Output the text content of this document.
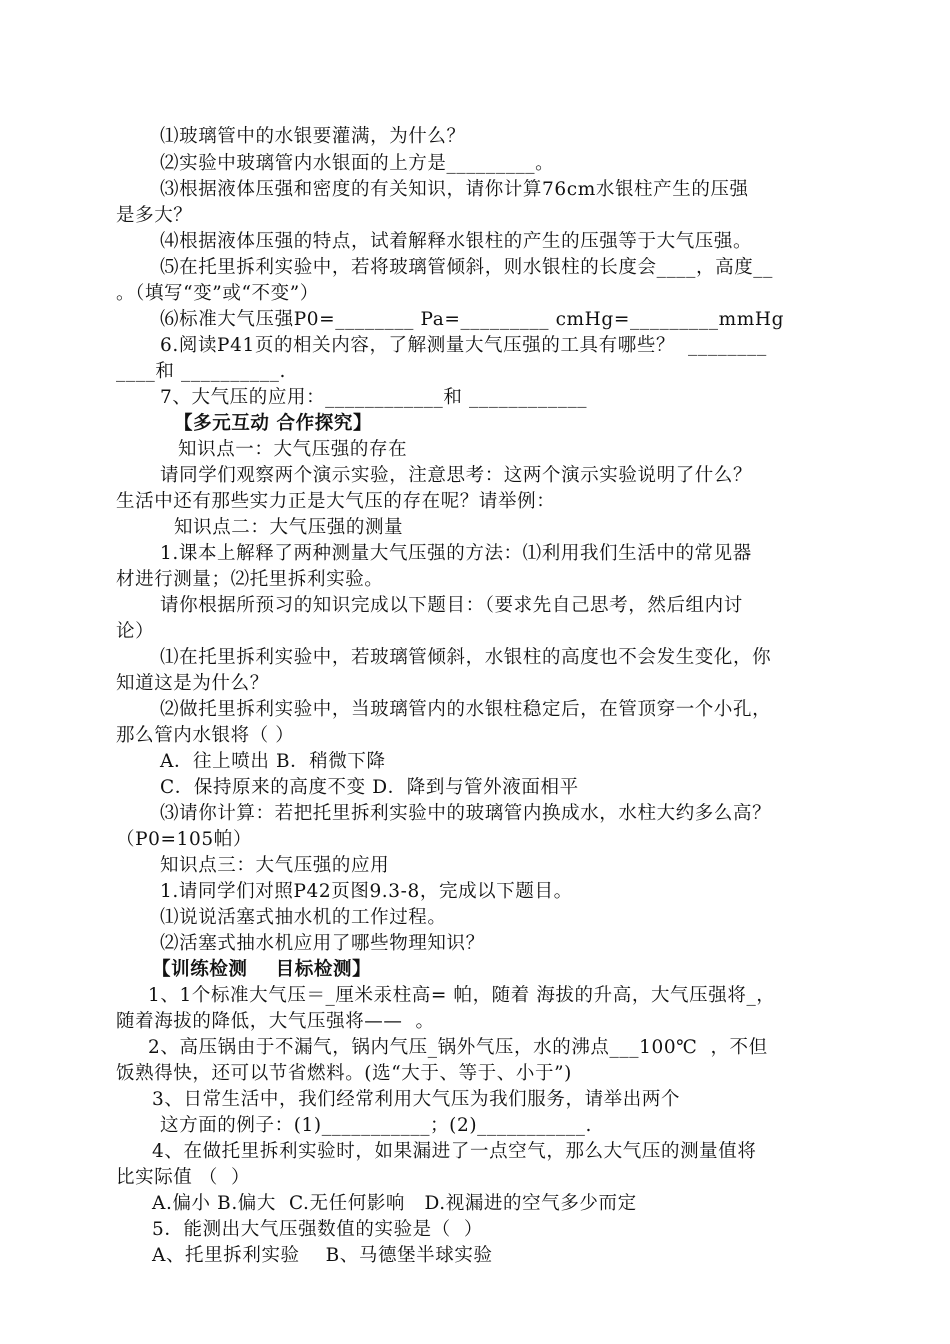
⑴玻璃管中的水银要灌满，为什么？
⑵实验中玻璃管内水银面的上方是_________。
⑶根据液体压强和密度的有关知识，请你计算76cm水银柱产生的压强
是多大？
⑷根据液体压强的特点，试着解释水银柱的产生的压强等于大气压强。
⑸在托里拆利实验中，若将玻璃管倾斜，则水银柱的长度会____，高度__
。（填写“变”或“不变”）
⑹标准大气压强P0=________ Pa=_________ cmHg=_________mmHg
6.阅读P41页的相关内容，了解测量大气压强的工具有哪些？  ________
____和 __________.
7、大气压的应用：____________和 ____________
【多元互动 合作探究】
知识点一：大气压强的存在
请同学们观察两个演示实验，注意思考：这两个演示实验说明了什么？
生活中还有那些实力正是大气压的存在呢？请举例：
知识点二：大气压强的测量
1.课本上解释了两种测量大气压强的方法：⑴利用我们生活中的常见器
材进行测量；⑵托里拆利实验。
请你根据所预习的知识完成以下题目：（要求先自己思考，然后组内讨
论）
⑴在托里拆利实验中，若玻璃管倾斜，水银柱的高度也不会发生变化，你
知道这是为什么？
⑵做托里拆利实验中，当玻璃管内的水银柱稳定后，在管顶穿一个小孔，
那么管内水银将（ ）
A．往上喷出 B．稍微下降
C．保持原来的高度不变 D．降到与管外液面相平
⑶请你计算：若把托里拆利实验中的玻璃管内换成水，水柱大约多么高？
（P0=105帕）
知识点三：大气压强的应用
1.请同学们对照P42页图9.3-8，完成以下题目。
⑴说说活塞式抽水机的工作过程。
⑵活塞式抽水机应用了哪些物理知识？
【训练检测    目标检测】
1、1个标准大气压＝_厘米汞柱高= 帕，随着 海拔的升高，大气压强将_，
随着海拔的降低，大气压强将——  。
2、高压锅由于不漏气，锅内气压_锅外气压，水的沸点___100℃  ，不但
饭熟得快，还可以节省燃料。(选“大于、等于、小于”)
3、日常生活中，我们经常利用大气压为我们服务，请举出两个
这方面的例子：(1)___________；(2)___________.
4、在做托里拆利实验时，如果漏进了一点空气，那么大气压的测量值将
比实际值 （  ）
A.偏小 B.偏大  C.无任何影响   D.视漏进的空气多少而定
5．能测出大气压强数值的实验是（  ）
A、托里拆利实验    B、马德堡半球实验
